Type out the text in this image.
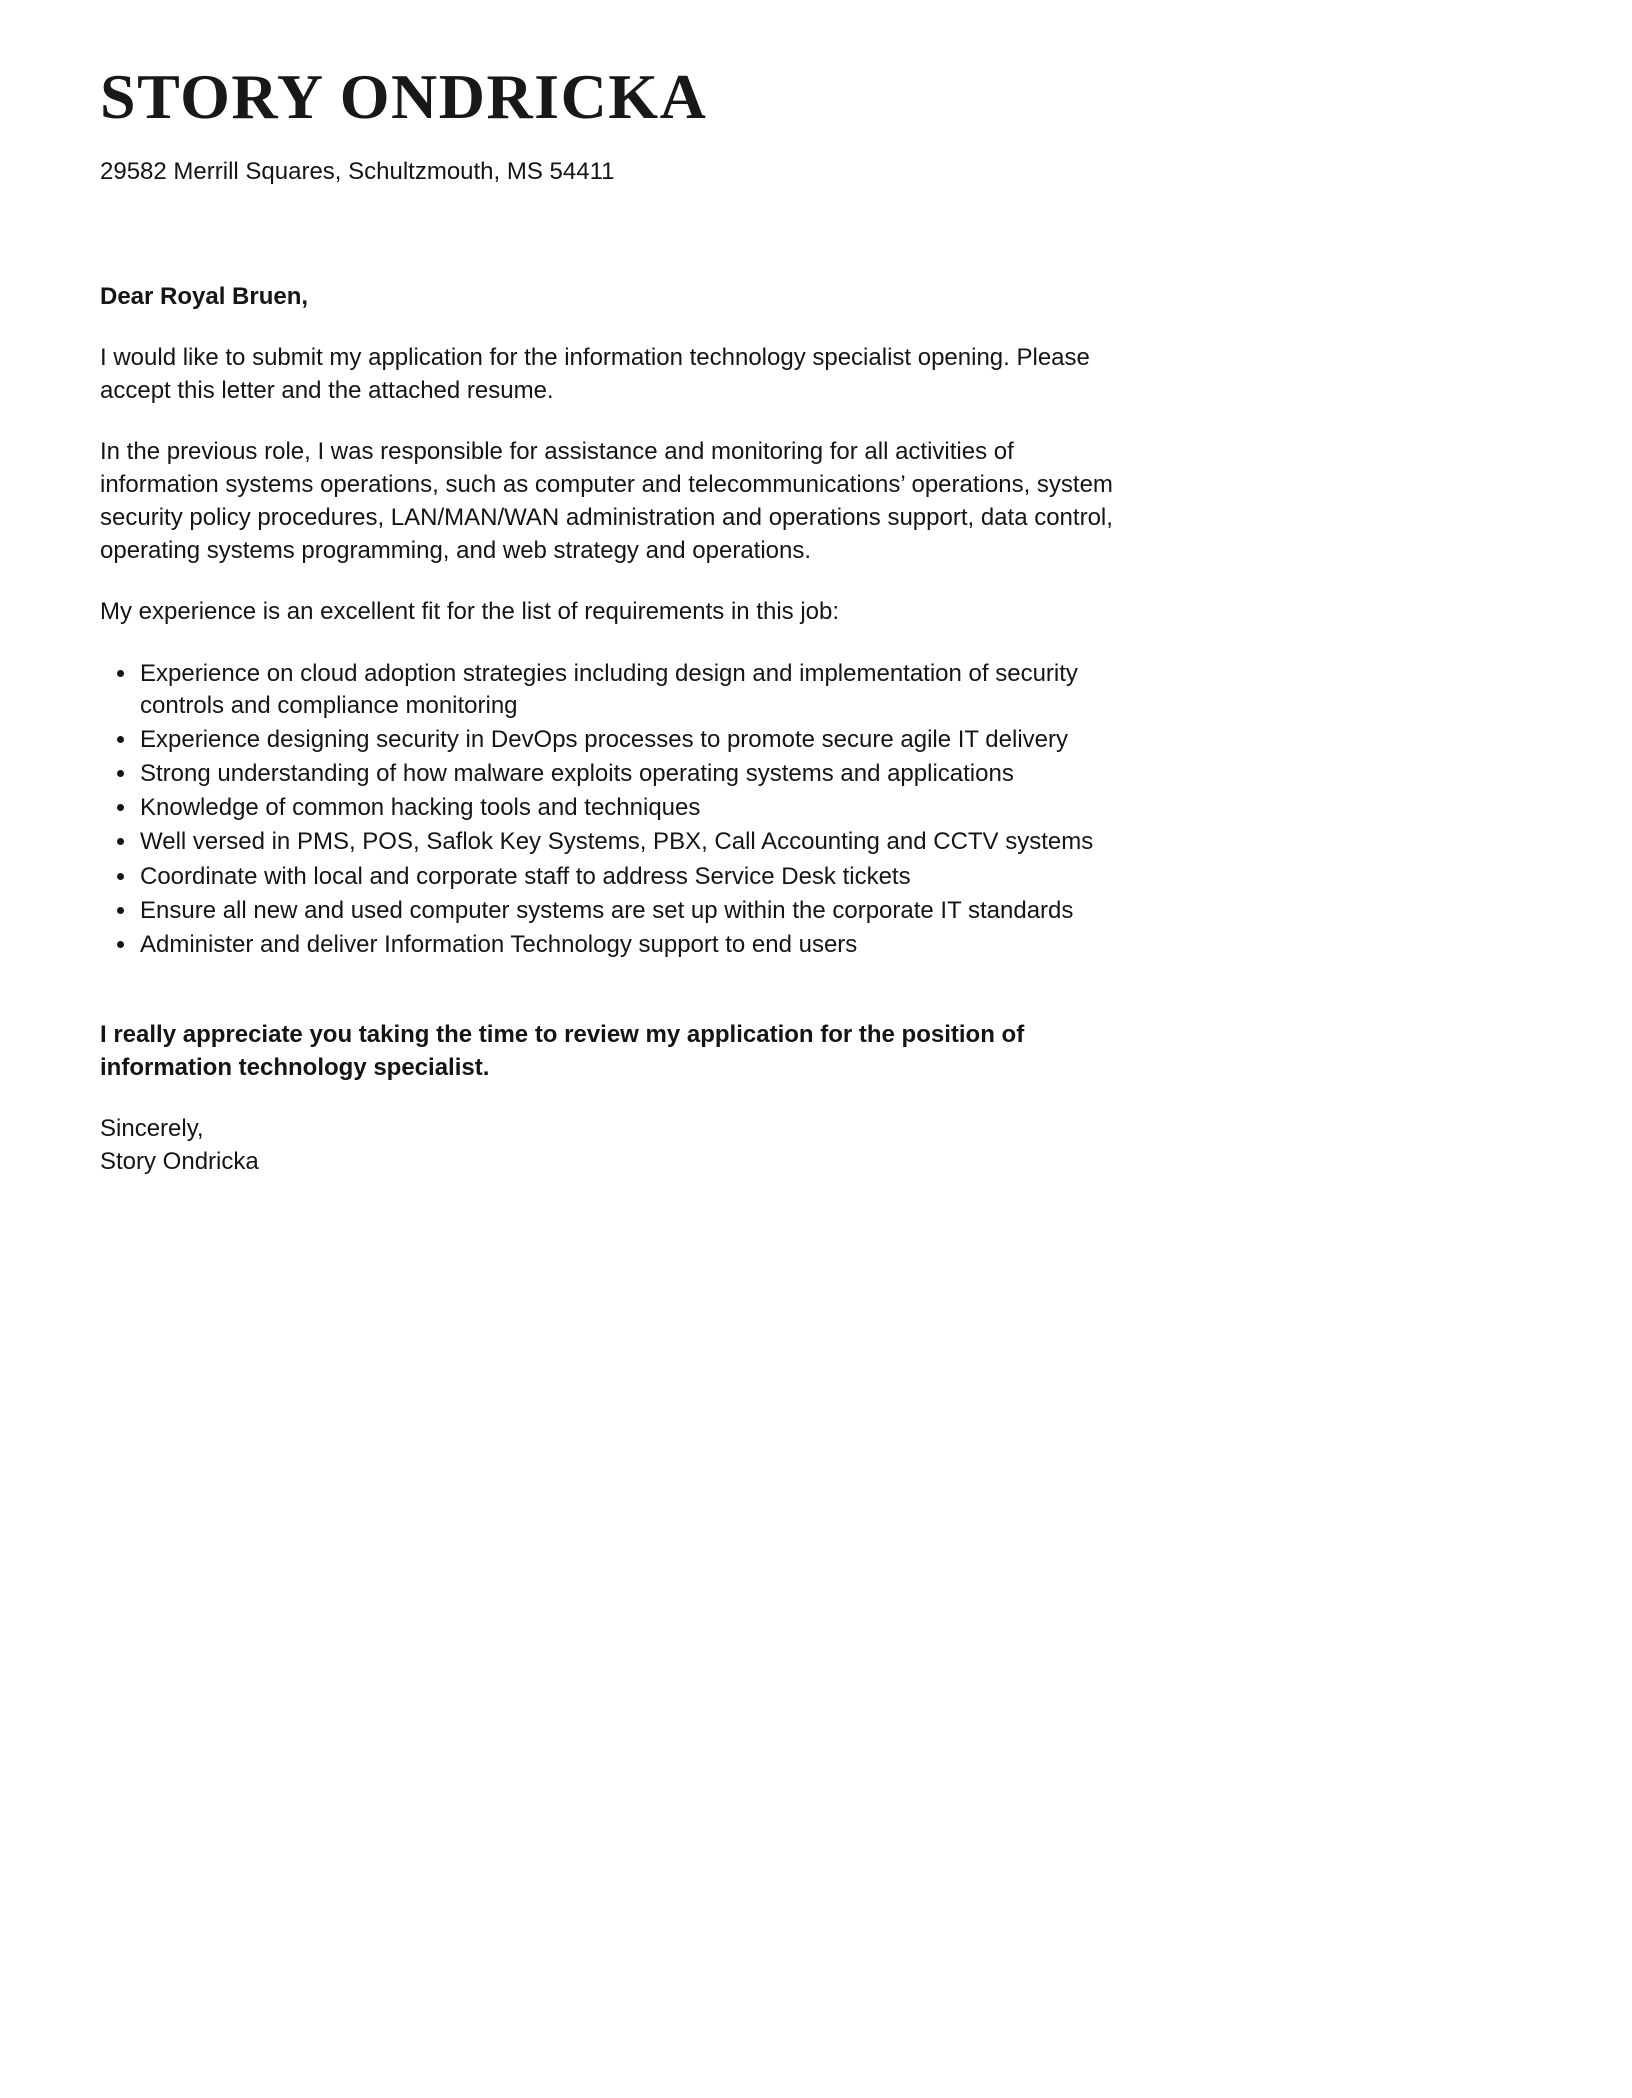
STORY ONDRICKA
29582 Merrill Squares, Schultzmouth, MS 54411

Dear Royal Bruen,

I would like to submit my application for the information technology specialist opening. Please accept this letter and the attached resume.

In the previous role, I was responsible for assistance and monitoring for all activities of information systems operations, such as computer and telecommunications’ operations, system security policy procedures, LAN/MAN/WAN administration and operations support, data control, operating systems programming, and web strategy and operations.

My experience is an excellent fit for the list of requirements in this job:

• Experience on cloud adoption strategies including design and implementation of security controls and compliance monitoring
• Experience designing security in DevOps processes to promote secure agile IT delivery
• Strong understanding of how malware exploits operating systems and applications
• Knowledge of common hacking tools and techniques
• Well versed in PMS, POS, Saflok Key Systems, PBX, Call Accounting and CCTV systems
• Coordinate with local and corporate staff to address Service Desk tickets
• Ensure all new and used computer systems are set up within the corporate IT standards
• Administer and deliver Information Technology support to end users

I really appreciate you taking the time to review my application for the position of information technology specialist.

Sincerely,

Story Ondricka
